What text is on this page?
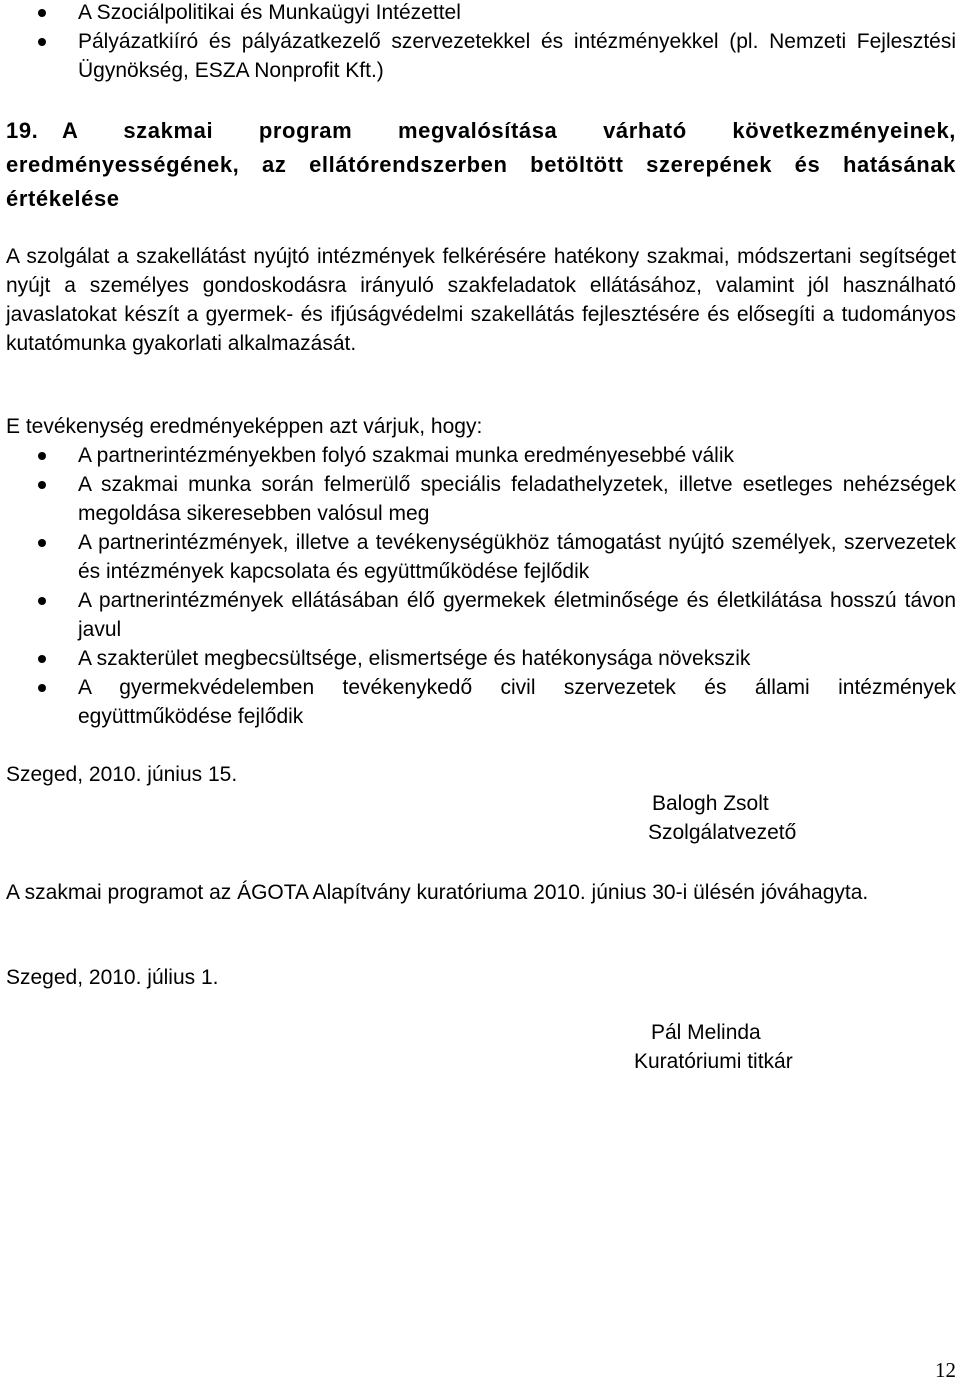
A Szociálpolitikai és Munkaügyi Intézettel
Pályázatkiíró és pályázatkezelő szervezetekkel és intézményekkel (pl. Nemzeti Fejlesztési Ügynökség, ESZA Nonprofit Kft.)
19. A szakmai program megvalósítása várható következményeinek, eredményességének, az ellátórendszerben betöltött szerepének és hatásának értékelése

A szolgálat a szakellátást nyújtó intézmények felkérésére hatékony szakmai, módszertani segítséget nyújt a személyes gondoskodásra irányuló szakfeladatok ellátásához, valamint jól használható javaslatokat készít a gyermek- és ifjúságvédelmi szakellátás fejlesztésére és elősegíti a tudományos kutatómunka gyakorlati alkalmazását.

E tevékenység eredményeképpen azt várjuk, hogy:

A partnerintézményekben folyó szakmai munka eredményesebbé válik
A szakmai munka során felmerülő speciális feladathelyzetek, illetve esetleges nehézségek megoldása sikeresebben valósul meg
A partnerintézmények, illetve a tevékenységükhöz támogatást nyújtó személyek, szervezetek és intézmények kapcsolata és együttműködése fejlődik
A partnerintézmények ellátásában élő gyermekek életminősége és életkilátása hosszú távon javul
A szakterület megbecsültsége, elismertsége és hatékonysága növekszik
A gyermekvédelemben tevékenykedő civil szervezetek és állami intézmények együttműködése fejlődik

Szeged, 2010. június 15.

Balogh Zsolt
Szolgálatvezető

A szakmai programot az ÁGOTA Alapítvány kuratóriuma 2010. június 30-i ülésén jóváhagyta.

Szeged, 2010. július 1.

Pál Melinda
Kuratóriumi titkár
12
